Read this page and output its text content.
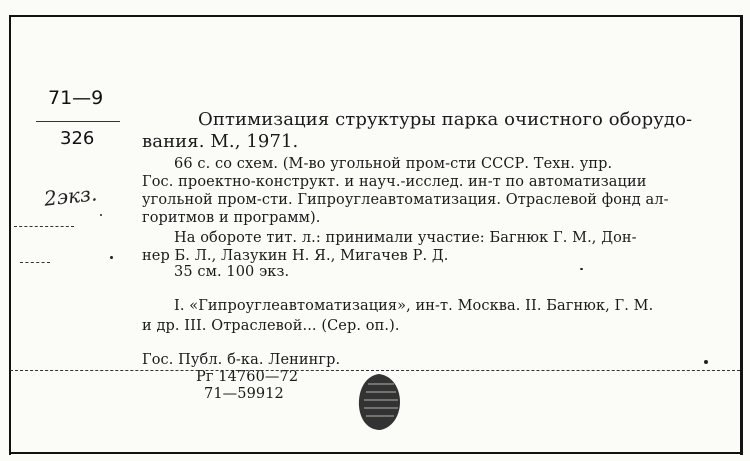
71—9
326
2экз.
Оптимизация структуры парка очистного оборудо-
вания. М., 1971.
66 с. со схем. (М-во угольной пром-сти СССР. Техн. упр.
Гос. проектно-конструкт. и науч.-исслед. ин-т по автоматизации
угольной пром-сти. Гипроуглеавтоматизация. Отраслевой фонд ал-
горитмов и программ).
На обороте тит. л.: принимали участие: Багнюк Г. М., Дон-
нер Б. Л., Лазукин Н. Я., Мигачев Р. Д.
35 см. 100 экз.
I. «Гипроуглеавтоматизация», ин-т. Москва. II. Багнюк, Г. М.
и др. III. Отраслевой... (Сер. оп.).
Гос. Публ. б-ка. Ленингр.
Рг 14760—72
71—59912
